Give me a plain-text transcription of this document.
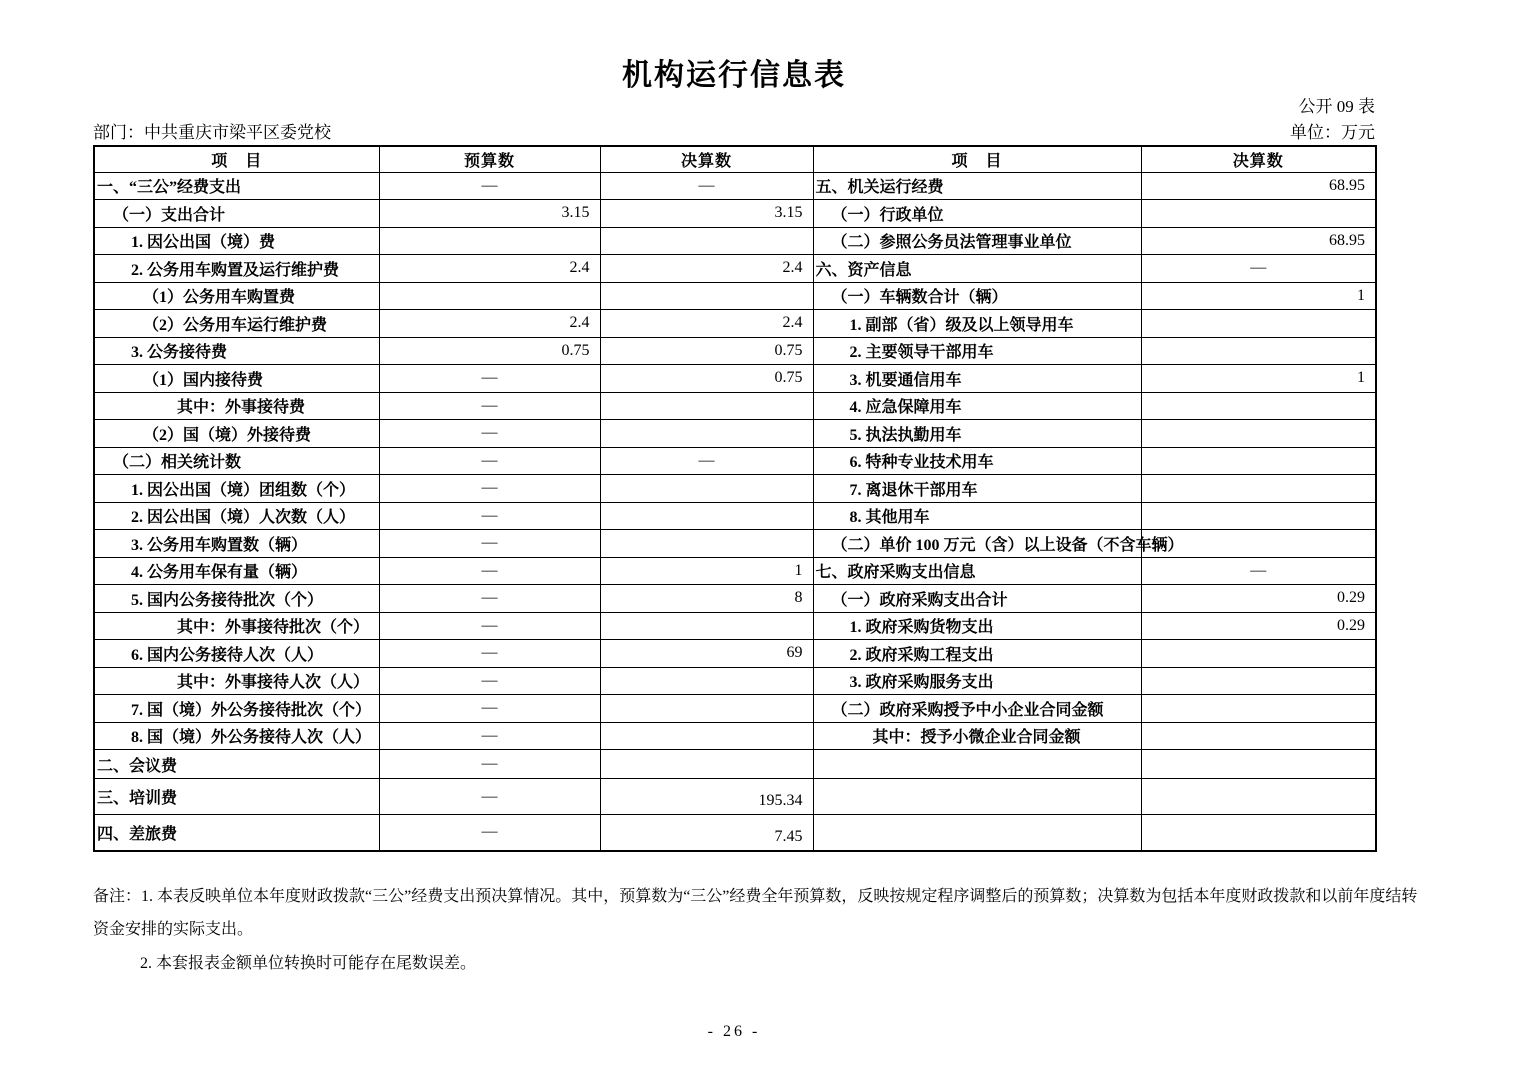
机构运行信息表
公开 09 表
部门：中共重庆市梁平区委党校	单位：万元
项　目	预算数	决算数	项　目	决算数
一、“三公”经费支出	—	—	五、机关运行经费	68.95
（一）支出合计	3.15	3.15	（一）行政单位	
1. 因公出国（境）费			（二）参照公务员法管理事业单位	68.95
2. 公务用车购置及运行维护费	2.4	2.4	六、资产信息	—
（1）公务用车购置费			（一）车辆数合计（辆）	1
（2）公务用车运行维护费	2.4	2.4	1. 副部（省）级及以上领导用车	
3. 公务接待费	0.75	0.75	2. 主要领导干部用车	
（1）国内接待费	—	0.75	3. 机要通信用车	1
其中：外事接待费	—		4. 应急保障用车	
（2）国（境）外接待费	—		5. 执法执勤用车	
（二）相关统计数	—	—	6. 特种专业技术用车	
1. 因公出国（境）团组数（个）	—		7. 离退休干部用车	
2. 因公出国（境）人次数（人）	—		8. 其他用车	
3. 公务用车购置数（辆）	—		（二）单价 100 万元（含）以上设备（不含车辆）	
4. 公务用车保有量（辆）	—	1	七、政府采购支出信息	—
5. 国内公务接待批次（个）	—	8	（一）政府采购支出合计	0.29
其中：外事接待批次（个）	—		1. 政府采购货物支出	0.29
6. 国内公务接待人次（人）	—	69	2. 政府采购工程支出	
其中：外事接待人次（人）	—		3. 政府采购服务支出	
7. 国（境）外公务接待批次（个）	—		（二）政府采购授予中小企业合同金额	
8. 国（境）外公务接待人次（人）	—		其中：授予小微企业合同金额	
二、会议费	—			
三、培训费	—	195.34		
四、差旅费	—	7.45		
备注：1. 本表反映单位本年度财政拨款“三公”经费支出预决算情况。其中，预算数为“三公”经费全年预算数，反映按规定程序调整后的预算数；决算数为包括本年度财政拨款和以前年度结转
资金安排的实际支出。
2. 本套报表金额单位转换时可能存在尾数误差。
- 26 -
